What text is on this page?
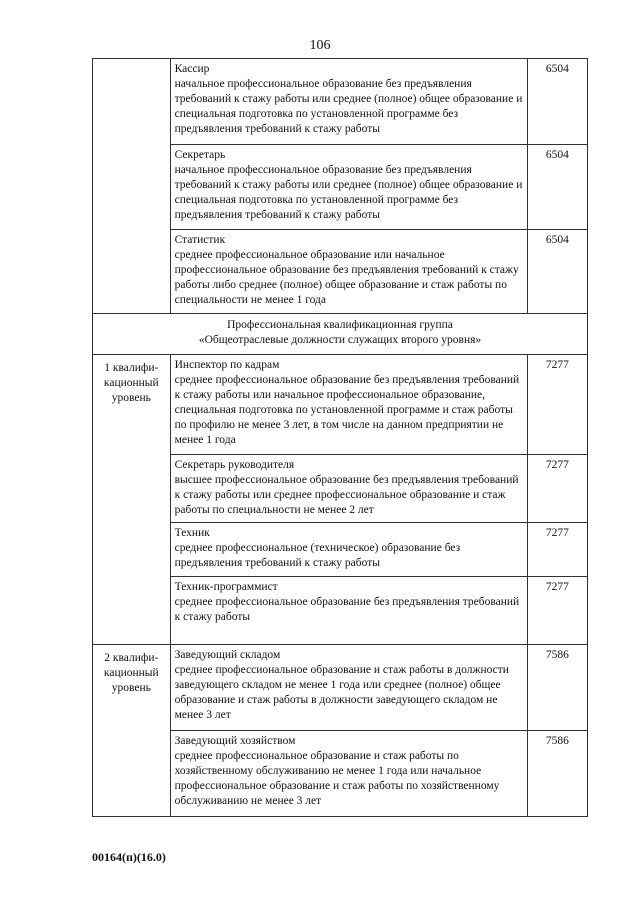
106

	Кассир
начальное профессиональное образование без предъявления требований к стажу работы или среднее (полное) общее образование и специальная подготовка по установленной программе без предъявления требований к стажу работы	6504

	Секретарь
начальное профессиональное образование без предъявления требований к стажу работы или среднее (полное) общее образование и специальная подготовка по установленной программе без предъявления требований к стажу работы	6504

	Статистик
среднее профессиональное образование или начальное профессиональное образование без предъявления требований к стажу работы либо среднее (полное) общее образование и стаж работы по специальности не менее 1 года	6504

Профессиональная квалификационная группа
«Общеотраслевые должности служащих второго уровня»		

1 квалифи-кационный уровень	Инспектор по кадрам
среднее профессиональное образование без предъявления требований к стажу работы или начальное профессиональное образование, специальная подготовка по установленной программе и стаж работы по профилю не менее 3 лет, в том числе на данном предприятии не менее 1 года	7277

	Секретарь руководителя
высшее профессиональное образование без предъявления требований к стажу работы или среднее профессиональное образование и стаж работы по специальности не менее 2 лет	7277

	Техник
среднее профессиональное (техническое) образование без предъявления требований к стажу работы	7277

	Техник-программист
среднее профессиональное образование без предъявления требований к стажу работы	7277
2 квалифи-кационный уровень	Заведующий складом
среднее профессиональное образование и стаж работы в должности заведующего складом не менее 1 года или среднее (полное) общее образование и стаж работы в должности заведующего складом не менее 3 лет	7586

	Заведующий хозяйством
среднее профессиональное образование и стаж работы по хозяйственному обслуживанию не менее 1 года или начальное профессиональное образование и стаж работы по хозяйственному обслуживанию не менее 3 лет	7586
00164(п)(16.0)
